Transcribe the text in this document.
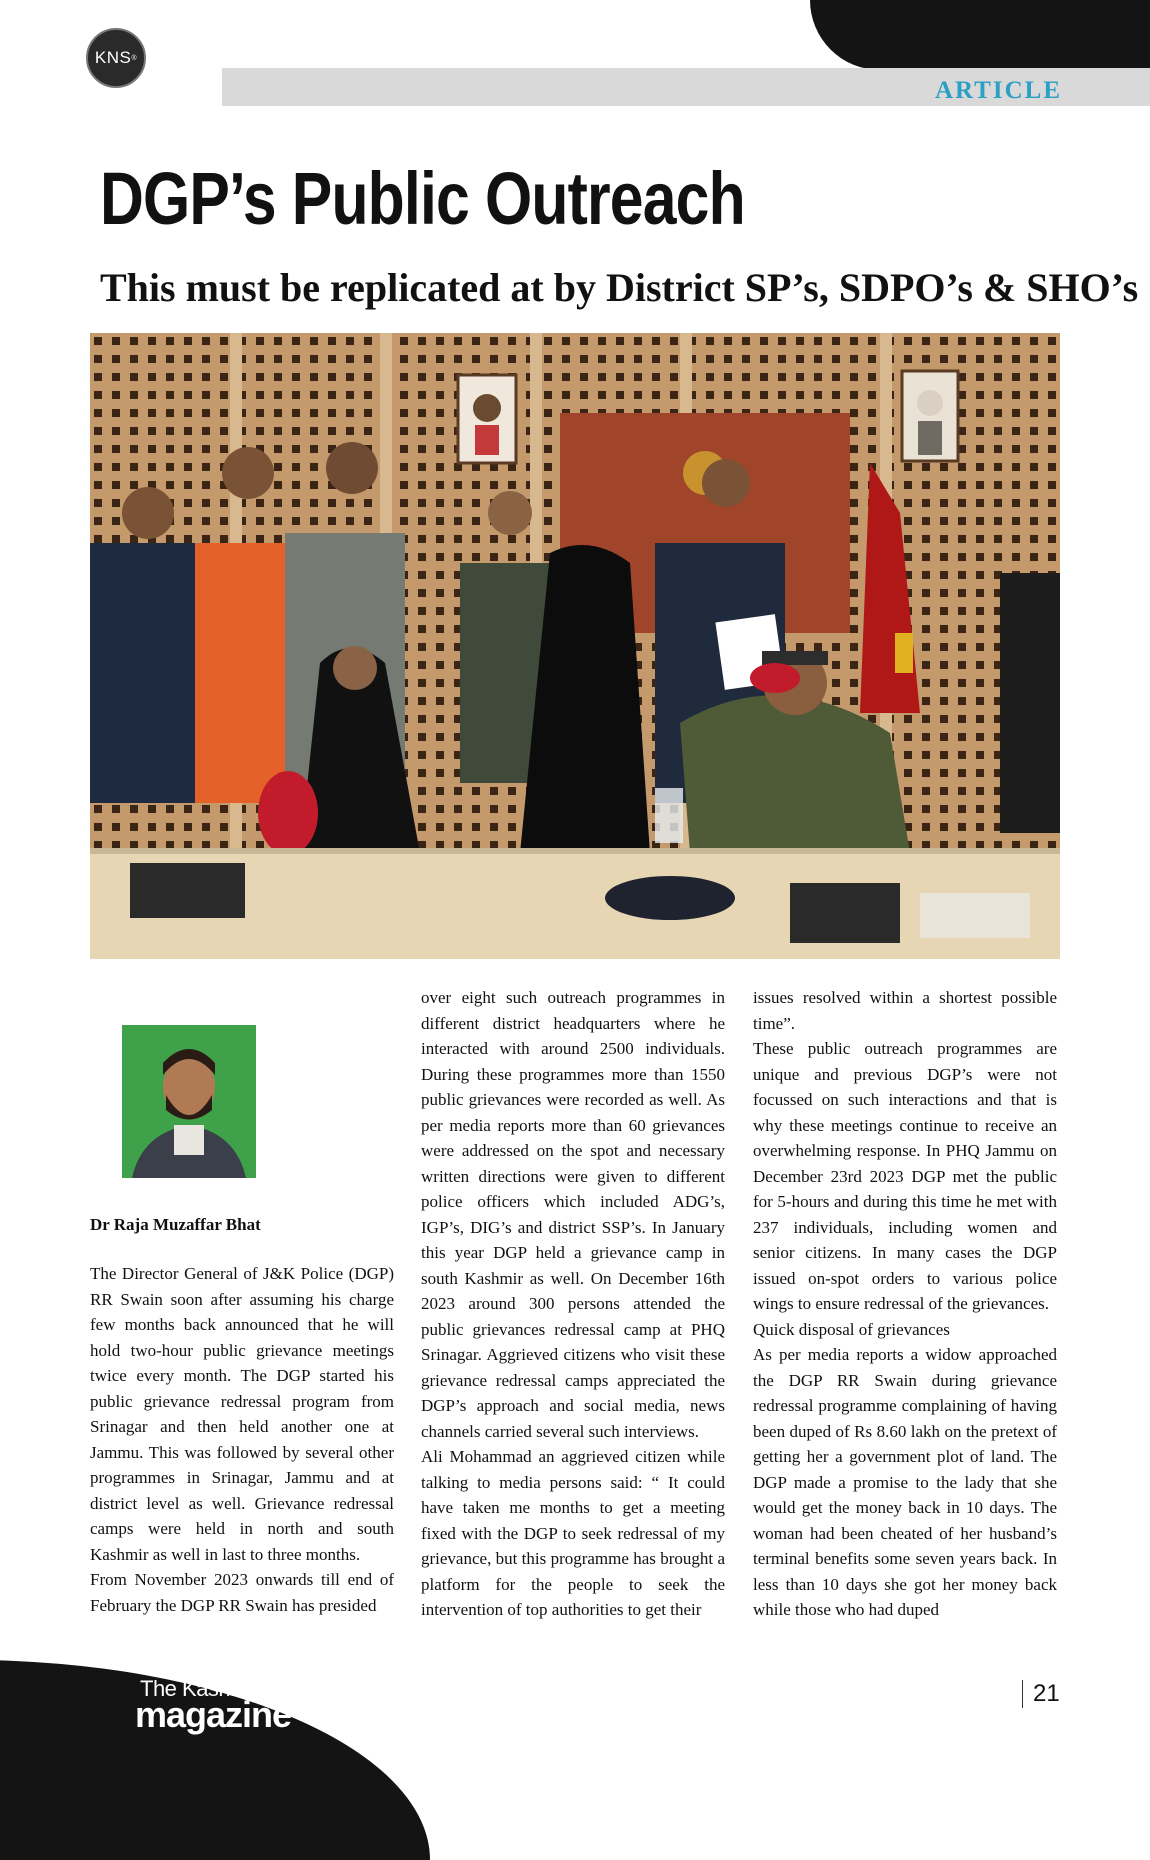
KNS ®
ARTICLE
DGP’s Public Outreach
This must be replicated at by District SP’s, SDPO’s & SHO’s
Dr Raja Muzaffar Bhat

The Director General of J&K Police (DGP) RR Swain soon after assuming his charge few months back announced that he will hold two-hour public grievance meetings twice every month. The DGP started his public grievance redressal program from Srinagar and then held another one at Jammu. This was followed by several other programmes in Srinagar, Jammu and at district level as well. Grievance redressal camps were held in north and south Kashmir as well in last to three months.

From November 2023 onwards till end of February the DGP RR Swain has presided

over eight such outreach programmes in different district headquarters where he interacted with around 2500 individuals. During these programmes more than 1550 public grievances were recorded as well. As per media reports more than 60 grievances were addressed on the spot and necessary written directions were given to different police officers which included ADG’s, IGP’s, DIG’s and district SSP’s. In January this year DGP held a grievance camp in south Kashmir as well. On December 16th 2023 around 300 persons attended the public grievances redressal camp at PHQ Srinagar. Aggrieved citizens who visit these grievance redressal camps appreciated the DGP’s approach and social media, news channels carried several such interviews.

Ali Mohammad an aggrieved citizen while talking to media persons said: “ It could have taken me months to get a meeting fixed with the DGP to seek redressal of my grievance, but this programme has brought a platform for the people to seek the intervention of top authorities to get their

issues resolved within a shortest possible time”.

These public outreach programmes are unique and previous DGP’s were not focussed on such interactions and that is why these meetings continue to receive an overwhelming response. In PHQ Jammu on December 23rd 2023 DGP met the public for 5-hours and during this time he met with 237 individuals, including women and senior citizens. In many cases the DGP issued on-spot orders to various police wings to ensure redressal of the grievances.

Quick disposal of grievances

As per media reports a widow approached the DGP RR Swain during grievance redressal programme complaining of having been duped of Rs 8.60 lakh on the pretext of getting her a government plot of land. The DGP made a promise to the lady that she would get the money back in 10 days. The woman had been cheated of her husband’s terminal benefits some seven years back. In less than 10 days she got her money back while those who had duped

The Kashmir
magazine
21
